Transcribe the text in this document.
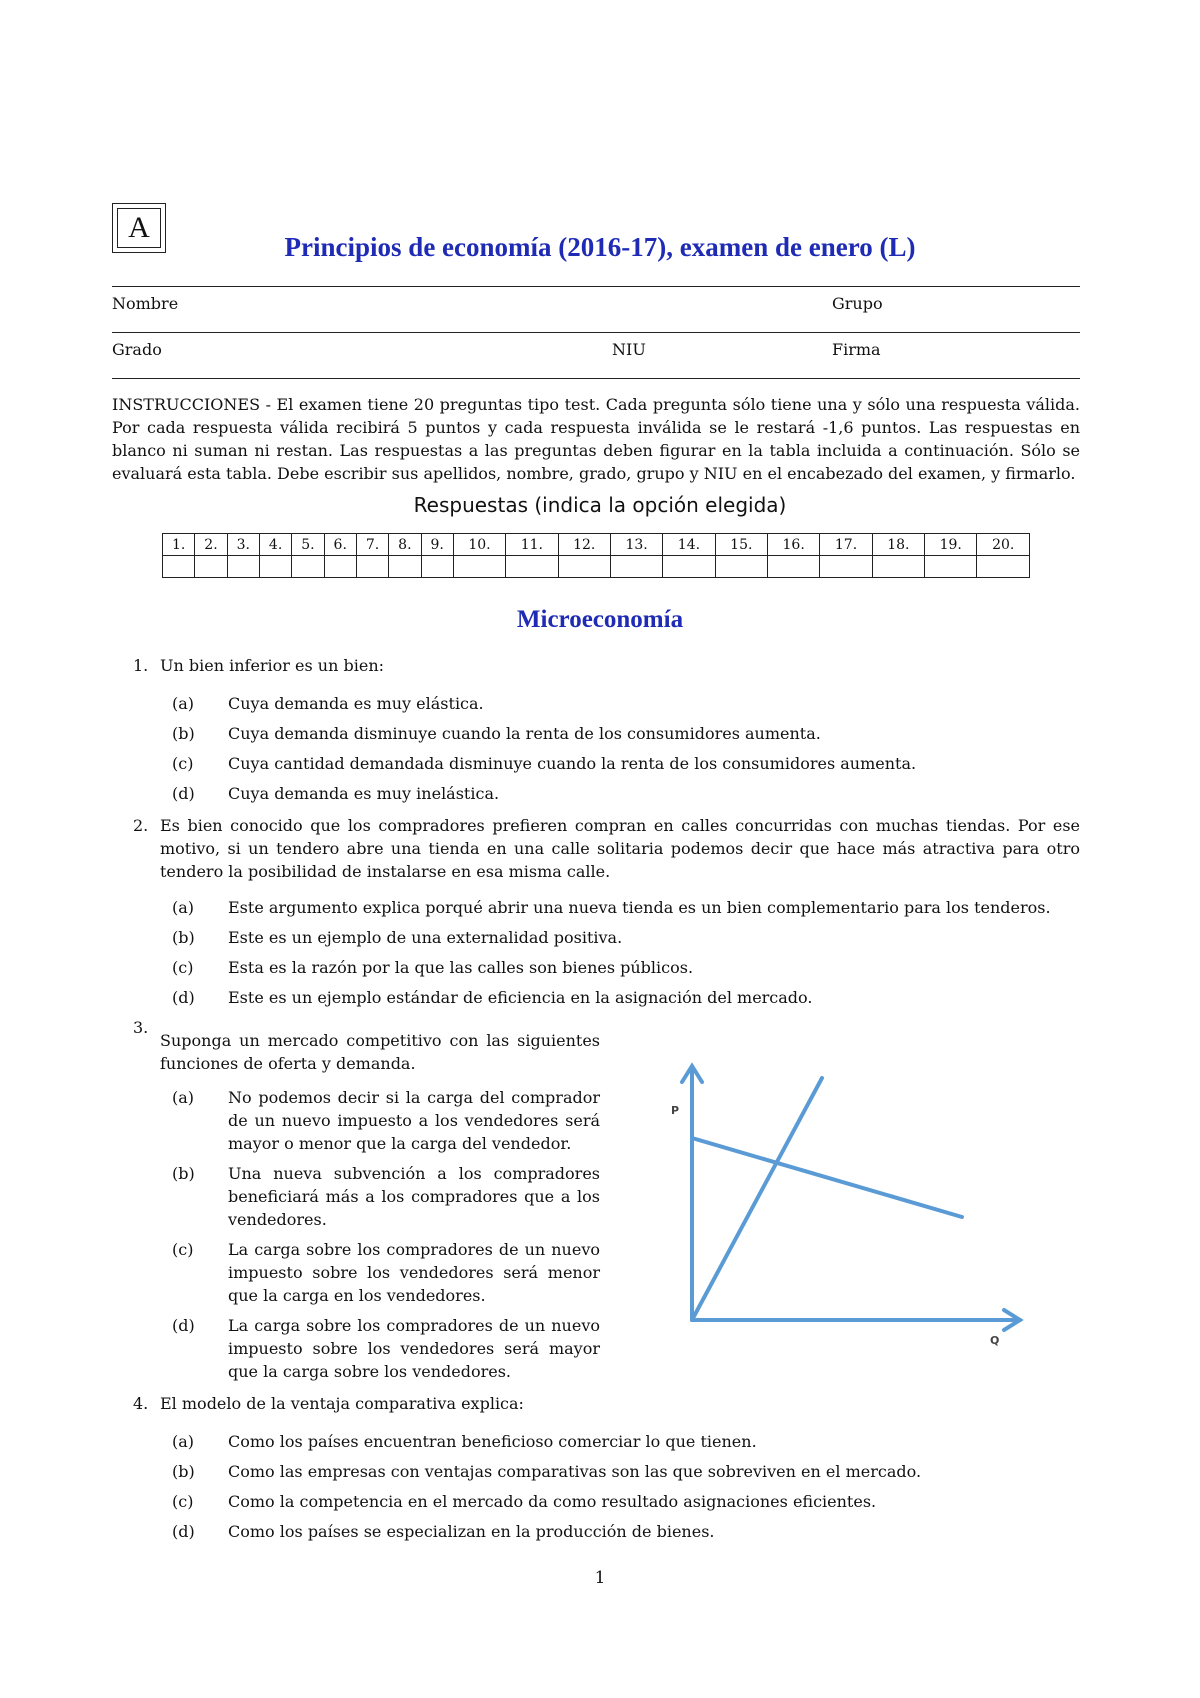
A
Principios de economía (2016-17), examen de enero (L)
Nombre	Grupo
Grado	NIU	Firma
INSTRUCCIONES - El examen tiene 20 preguntas tipo test. Cada pregunta sólo tiene una y sólo una respuesta válida. Por cada respuesta válida recibirá 5 puntos y cada respuesta inválida se le restará -1,6 puntos. Las respuestas en blanco ni suman ni restan. Las respuestas a las preguntas deben figurar en la tabla incluida a continuación. Sólo se evaluará esta tabla. Debe escribir sus apellidos, nombre, grado, grupo y NIU en el encabezado del examen, y firmarlo.
Respuestas (indica la opción elegida)
1.	2.	3.	4.	5.	6.	7.	8.	9.	10.	11.	12.	13.	14.	15.	16.	17.	18.	19.	20.

Microeconomía
1. Un bien inferior es un bien:
(a) Cuya demanda es muy elástica.
(b) Cuya demanda disminuye cuando la renta de los consumidores aumenta.
(c) Cuya cantidad demandada disminuye cuando la renta de los consumidores aumenta.
(d) Cuya demanda es muy inelástica.
2. Es bien conocido que los compradores prefieren compran en calles concurridas con muchas tiendas. Por ese motivo, si un tendero abre una tienda en una calle solitaria podemos decir que hace más atractiva para otro tendero la posibilidad de instalarse en esa misma calle.
(a) Este argumento explica porqué abrir una nueva tienda es un bien complementario para los tenderos.
(b) Este es un ejemplo de una externalidad positiva.
(c) Esta es la razón por la que las calles son bienes públicos.
(d) Este es un ejemplo estándar de eficiencia en la asignación del mercado.
3.
Suponga un mercado competitivo con las siguientes funciones de oferta y demanda.
(a) No podemos decir si la carga del comprador de un nuevo impuesto a los vendedores será mayor o menor que la carga del vendedor.
(b) Una nueva subvención a los compradores beneficiará más a los compradores que a los vendedores.
(c) La carga sobre los compradores de un nuevo impuesto sobre los vendedores será menor que la carga en los vendedores.
(d) La carga sobre los compradores de un nuevo impuesto sobre los vendedores será mayor que la carga sobre los vendedores.
P
Q
4. El modelo de la ventaja comparativa explica:
(a) Como los países encuentran beneficioso comerciar lo que tienen.
(b) Como las empresas con ventajas comparativas son las que sobreviven en el mercado.
(c) Como la competencia en el mercado da como resultado asignaciones eficientes.
(d) Como los países se especializan en la producción de bienes.
1
